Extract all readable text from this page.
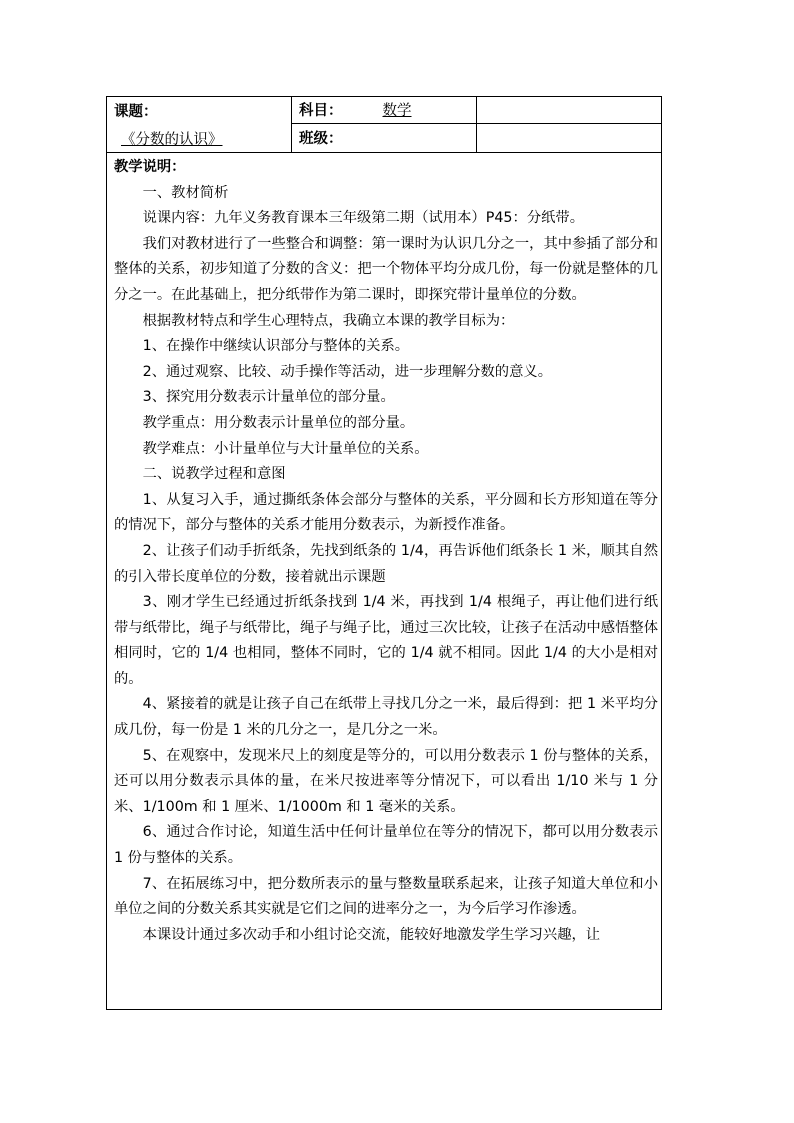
课题：
《分数的认识》
科目：	数学
班级：

教学说明：

一、教材简析

说课内容：九年义务教育课本三年级第二期（试用本）P45：分纸带。

我们对教材进行了一些整合和调整：第一课时为认识几分之一，其中参插了部分和整体的关系，初步知道了分数的含义：把一个物体平均分成几份，每一份就是整体的几分之一。在此基础上，把分纸带作为第二课时，即探究带计量单位的分数。

根据教材特点和学生心理特点，我确立本课的教学目标为：

1、在操作中继续认识部分与整体的关系。

2、通过观察、比较、动手操作等活动，进一步理解分数的意义。

3、探究用分数表示计量单位的部分量。

教学重点：用分数表示计量单位的部分量。

教学难点：小计量单位与大计量单位的关系。

二、说教学过程和意图

1、从复习入手，通过撕纸条体会部分与整体的关系，平分圆和长方形知道在等分的情况下，部分与整体的关系才能用分数表示，为新授作准备。

2、让孩子们动手折纸条，先找到纸条的 1/4，再告诉他们纸条长 1 米，顺其自然的引入带长度单位的分数，接着就出示课题

3、刚才学生已经通过折纸条找到 1/4 米，再找到 1/4 根绳子，再让他们进行纸带与纸带比，绳子与纸带比，绳子与绳子比，通过三次比较，让孩子在活动中感悟整体相同时，它的 1/4 也相同，整体不同时，它的 1/4 就不相同。因此 1/4 的大小是相对的。

4、紧接着的就是让孩子自己在纸带上寻找几分之一米，最后得到：把 1 米平均分成几份，每一份是 1 米的几分之一，是几分之一米。

5、在观察中，发现米尺上的刻度是等分的，可以用分数表示 1 份与整体的关系，还可以用分数表示具体的量，在米尺按进率等分情况下，可以看出 1/10 米与 1 分米、1/100m 和 1 厘米、1/1000m 和 1 毫米的关系。

6、通过合作讨论，知道生活中任何计量单位在等分的情况下，都可以用分数表示 1 份与整体的关系。

7、在拓展练习中，把分数所表示的量与整数量联系起来，让孩子知道大单位和小单位之间的分数关系其实就是它们之间的进率分之一，为今后学习作渗透。

本课设计通过多次动手和小组讨论交流，能较好地激发学生学习兴趣，让
